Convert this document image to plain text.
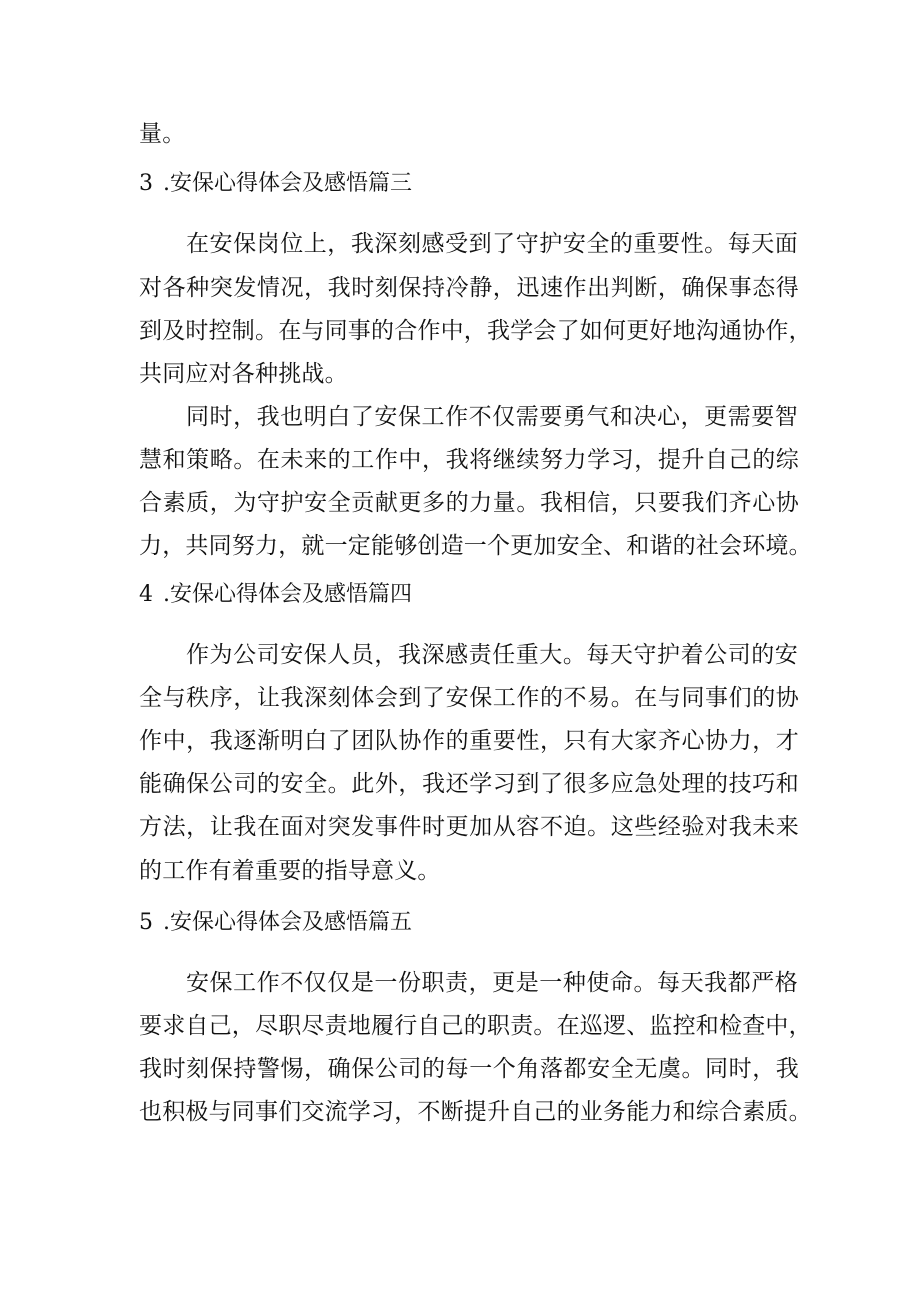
量。
3 .安保心得体会及感悟篇三
在安保岗位上，我深刻感受到了守护安全的重要性。每天面
对各种突发情况，我时刻保持冷静，迅速作出判断，确保事态得
到及时控制。在与同事的合作中，我学会了如何更好地沟通协作，
共同应对各种挑战。
同时，我也明白了安保工作不仅需要勇气和决心，更需要智
慧和策略。在未来的工作中，我将继续努力学习，提升自己的综
合素质，为守护安全贡献更多的力量。我相信，只要我们齐心协
力，共同努力，就一定能够创造一个更加安全、和谐的社会环境。
4 .安保心得体会及感悟篇四
作为公司安保人员，我深感责任重大。每天守护着公司的安
全与秩序，让我深刻体会到了安保工作的不易。在与同事们的协
作中，我逐渐明白了团队协作的重要性，只有大家齐心协力，才
能确保公司的安全。此外，我还学习到了很多应急处理的技巧和
方法，让我在面对突发事件时更加从容不迫。这些经验对我未来
的工作有着重要的指导意义。
5 .安保心得体会及感悟篇五
安保工作不仅仅是一份职责，更是一种使命。每天我都严格
要求自己，尽职尽责地履行自己的职责。在巡逻、监控和检查中，
我时刻保持警惕，确保公司的每一个角落都安全无虞。同时，我
也积极与同事们交流学习，不断提升自己的业务能力和综合素质。
